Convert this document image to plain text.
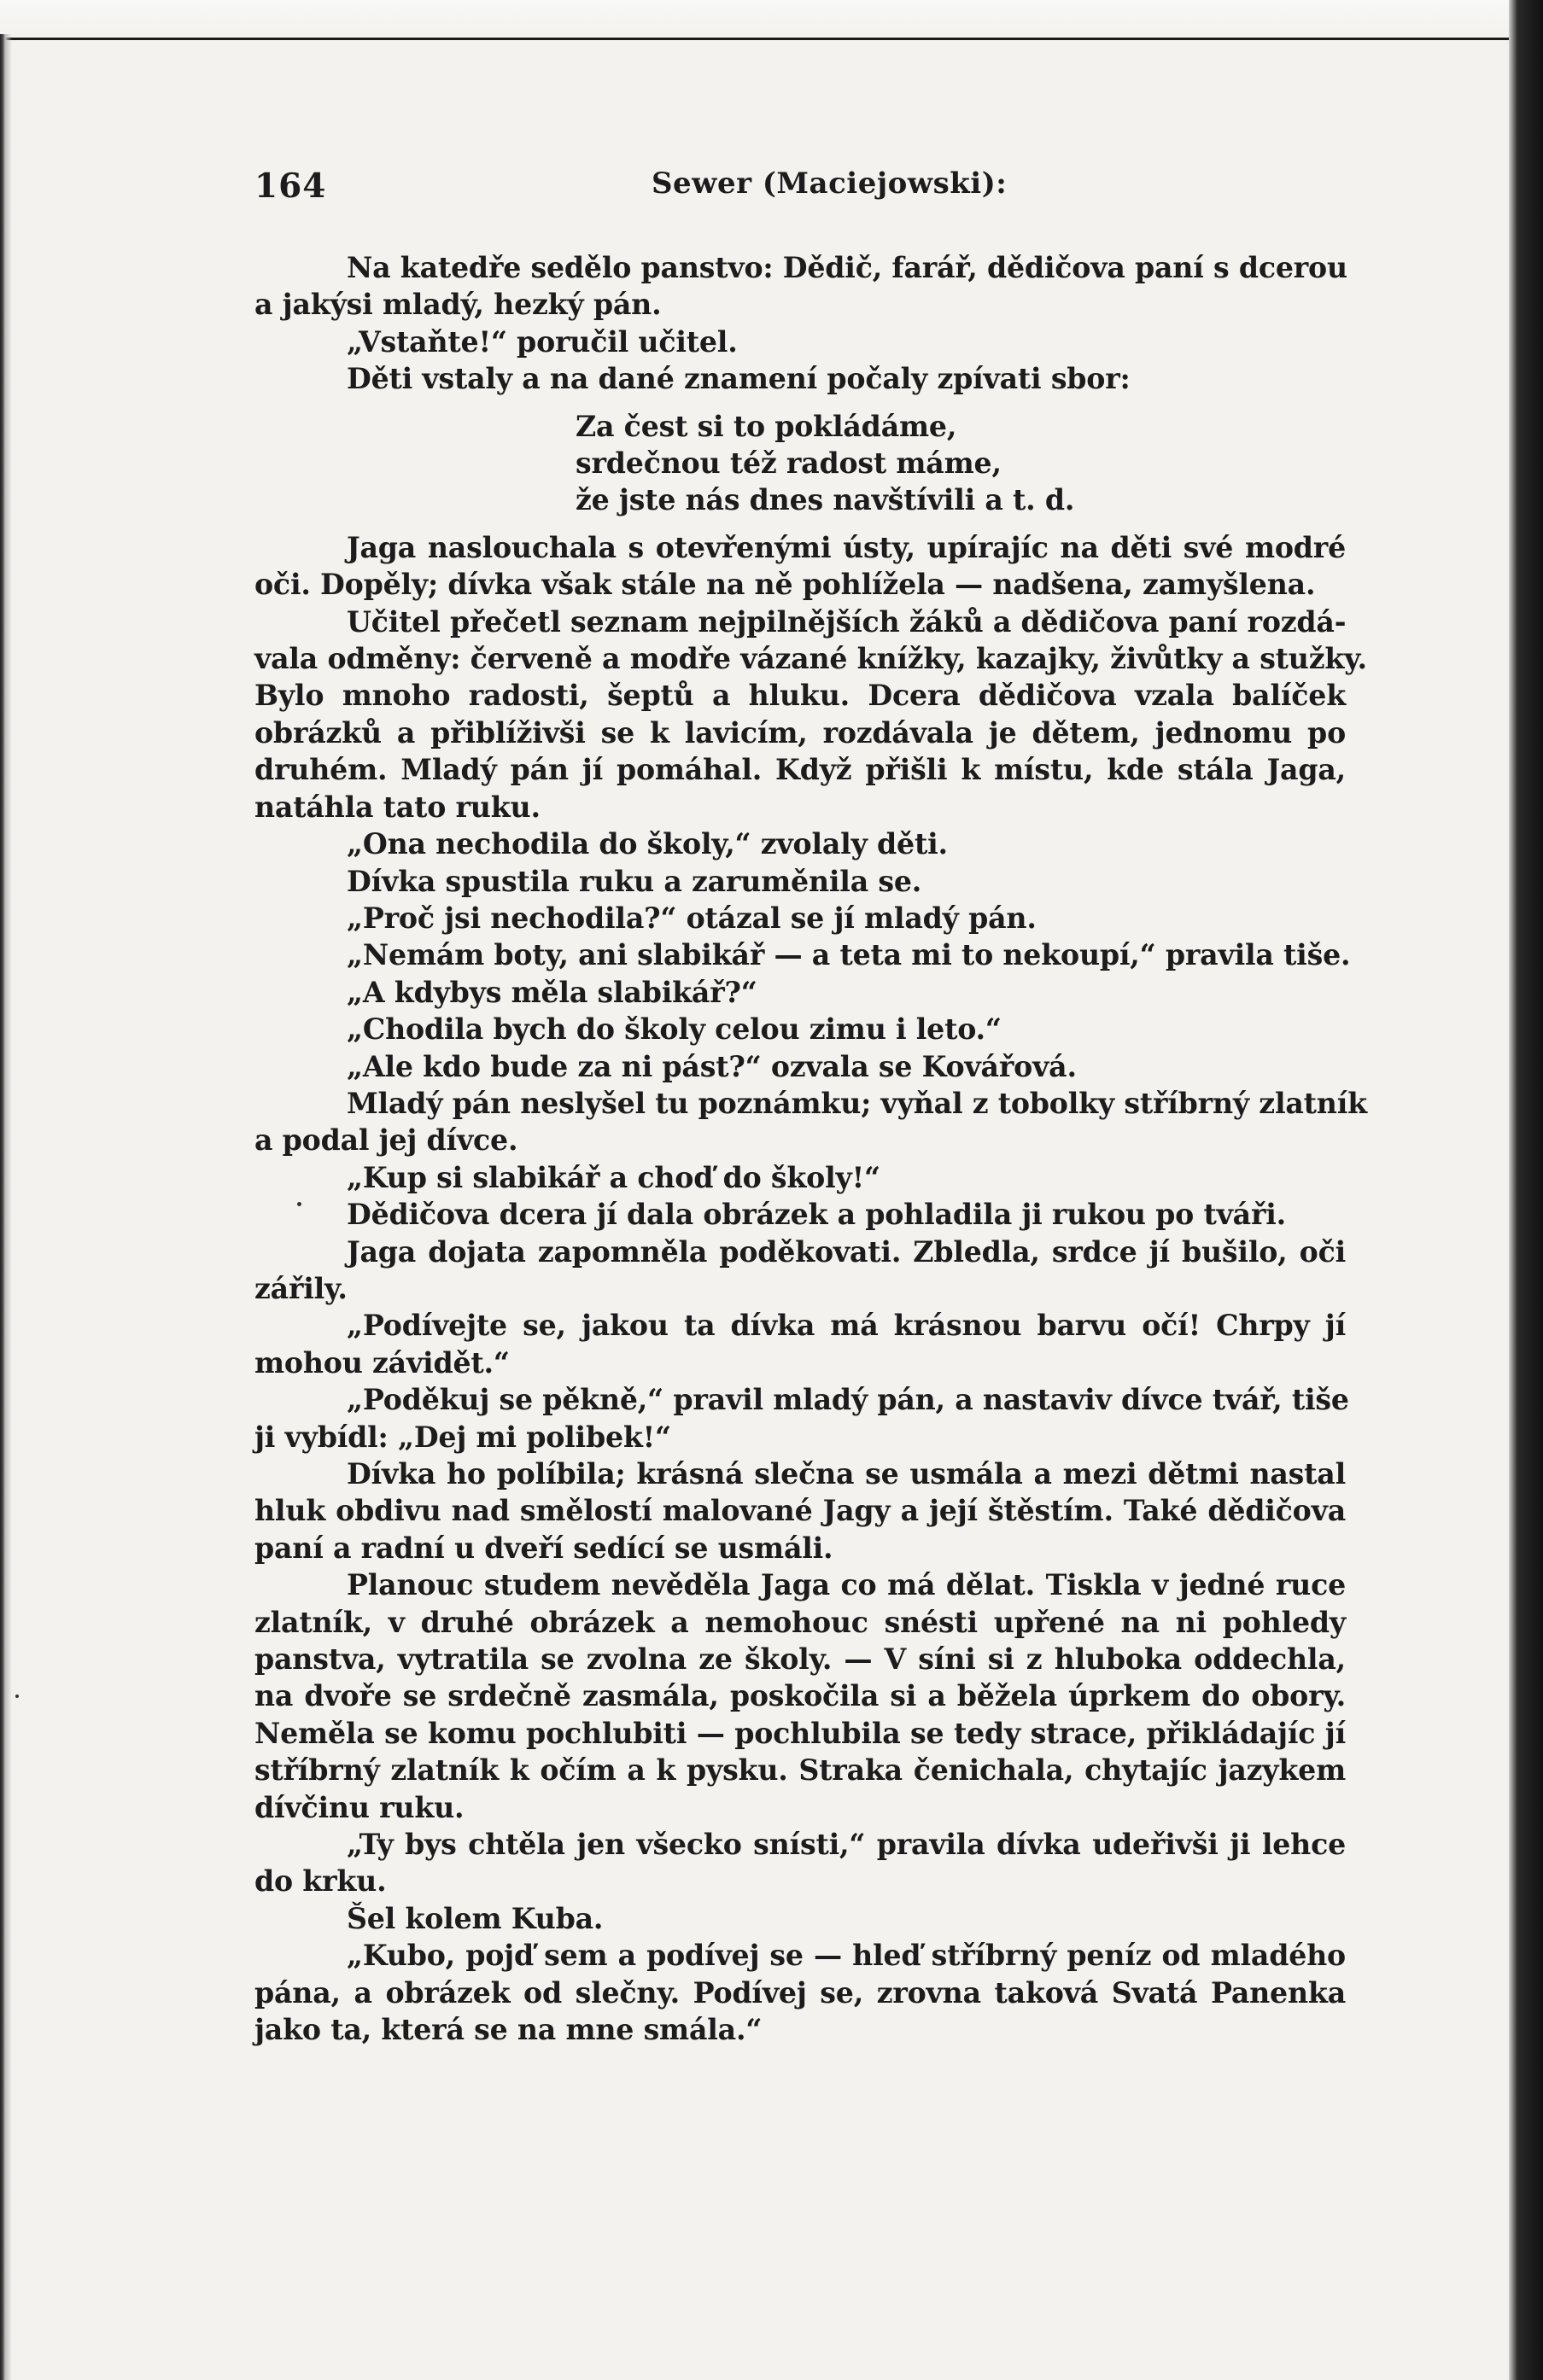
164	Sewer (Maciejowski):
Na katedře sedělo panstvo: Dědič, farář, dědičova paní s dcerou
a jakýsi mladý, hezký pán.
„Vstaňte!“ poručil učitel.
Děti vstaly a na dané znamení počaly zpívati sbor:
Za čest si to pokládáme,
srdečnou též radost máme,
že jste nás dnes navštívili a t. d.
Jaga naslouchala s otevřenými ústy, upírajíc na děti své modré
oči. Dopěly; dívka však stále na ně pohlížela — nadšena, zamyšlena.
Učitel přečetl seznam nejpilnějších žáků a dědičova paní rozdá-
vala odměny: červeně a modře vázané knížky, kazajky, živůtky a stužky.
Bylo mnoho radosti, šeptů a hluku. Dcera dědičova vzala balíček
obrázků a přiblíživši se k lavicím, rozdávala je dětem, jednomu po
druhém. Mladý pán jí pomáhal. Když přišli k místu, kde stála Jaga,
natáhla tato ruku.
„Ona nechodila do školy,“ zvolaly děti.
Dívka spustila ruku a zaruměnila se.
„Proč jsi nechodila?“ otázal se jí mladý pán.
„Nemám boty, ani slabikář — a teta mi to nekoupí,“ pravila tiše.
„A kdybys měla slabikář?“
„Chodila bych do školy celou zimu i leto.“
„Ale kdo bude za ni pást?“ ozvala se Kovářová.
Mladý pán neslyšel tu poznámku; vyňal z tobolky stříbrný zlatník
a podal jej dívce.
„Kup si slabikář a choď do školy!“
Dědičova dcera jí dala obrázek a pohladila ji rukou po tváři.
Jaga dojata zapomněla poděkovati. Zbledla, srdce jí bušilo, oči
zářily.
„Podívejte se, jakou ta dívka má krásnou barvu očí! Chrpy jí
mohou závidět.“
„Poděkuj se pěkně,“ pravil mladý pán, a nastaviv dívce tvář, tiše
ji vybídl: „Dej mi polibek!“
Dívka ho políbila; krásná slečna se usmála a mezi dětmi nastal
hluk obdivu nad smělostí malované Jagy a její štěstím. Také dědičova
paní a radní u dveří sedící se usmáli.
Planouc studem nevěděla Jaga co má dělat. Tiskla v jedné ruce
zlatník, v druhé obrázek a nemohouc snésti upřené na ni pohledy
panstva, vytratila se zvolna ze školy. — V síni si z hluboka oddechla,
na dvoře se srdečně zasmála, poskočila si a běžela úprkem do obory.
Neměla se komu pochlubiti — pochlubila se tedy strace, přikládajíc jí
stříbrný zlatník k očím a k pysku. Straka čenichala, chytajíc jazykem
dívčinu ruku.
„Ty bys chtěla jen všecko snísti,“ pravila dívka udeřivši ji lehce
do krku.
Šel kolem Kuba.
„Kubo, pojď sem a podívej se — hleď stříbrný peníz od mladého
pána, a obrázek od slečny. Podívej se, zrovna taková Svatá Panenka
jako ta, která se na mne smála.“
